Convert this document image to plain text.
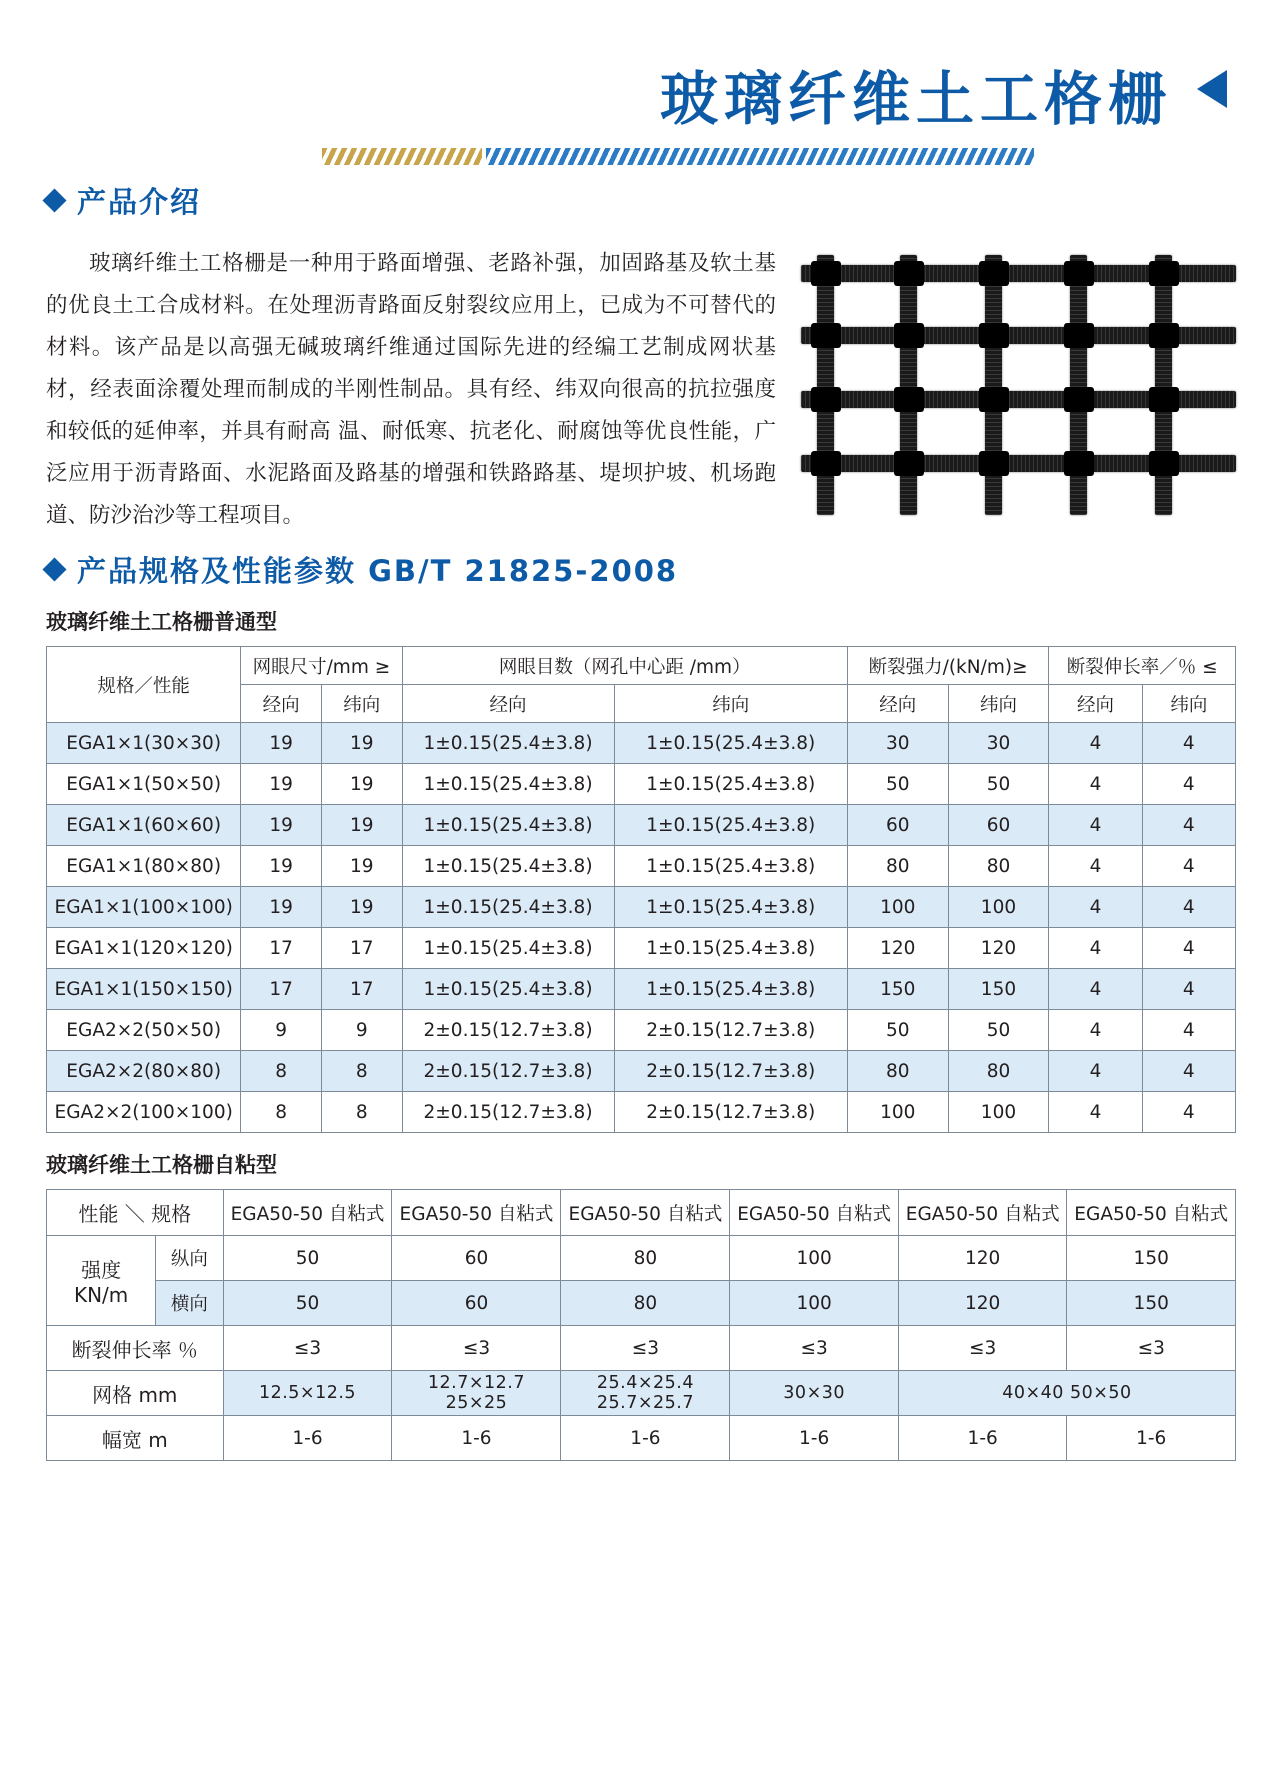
玻璃纤维土工格栅
产品介绍
玻璃纤维土工格栅是一种用于路面增强、老路补强，加固路基及软土基的优良土工合成材料。在处理沥青路面反射裂纹应用上，已成为不可替代的材料。该产品是以高强无碱玻璃纤维通过国际先进的经编工艺制成网状基材，经表面涂覆处理而制成的半刚性制品。具有经、纬双向很高的抗拉强度和较低的延伸率，并具有耐高 温、耐低寒、抗老化、耐腐蚀等优良性能，广泛应用于沥青路面、水泥路面及路基的增强和铁路路基、堤坝护坡、机场跑道、防沙治沙等工程项目。
产品规格及性能参数 GB/T 21825-2008
玻璃纤维土工格栅普通型
规格／性能	网眼尺寸/mm ≥		网眼目数（网孔中心距 /mm）		断裂强力/(kN/m)≥		断裂伸长率／％ ≤	
	经向	纬向	经向	纬向	经向	纬向	经向	纬向
EGA1×1(30×30)	19	19	1±0.15(25.4±3.8)	1±0.15(25.4±3.8)	30	30	4	4
EGA1×1(50×50)	19	19	1±0.15(25.4±3.8)	1±0.15(25.4±3.8)	50	50	4	4
EGA1×1(60×60)	19	19	1±0.15(25.4±3.8)	1±0.15(25.4±3.8)	60	60	4	4
EGA1×1(80×80)	19	19	1±0.15(25.4±3.8)	1±0.15(25.4±3.8)	80	80	4	4
EGA1×1(100×100)	19	19	1±0.15(25.4±3.8)	1±0.15(25.4±3.8)	100	100	4	4
EGA1×1(120×120)	17	17	1±0.15(25.4±3.8)	1±0.15(25.4±3.8)	120	120	4	4
EGA1×1(150×150)	17	17	1±0.15(25.4±3.8)	1±0.15(25.4±3.8)	150	150	4	4
EGA2×2(50×50)	9	9	2±0.15(12.7±3.8)	2±0.15(12.7±3.8)	50	50	4	4
EGA2×2(80×80)	8	8	2±0.15(12.7±3.8)	2±0.15(12.7±3.8)	80	80	4	4
EGA2×2(100×100)	8	8	2±0.15(12.7±3.8)	2±0.15(12.7±3.8)	100	100	4	4
玻璃纤维土工格栅自粘型
性能 ＼ 规格		EGA50-50 自粘式	EGA50-50 自粘式	EGA50-50 自粘式	EGA50-50 自粘式	EGA50-50 自粘式	EGA50-50 自粘式

强度
KN/m	纵向	50	60	80	100	120	150
	横向	50	60	80	100	120	150
断裂伸长率 ％		≤3	≤3	≤3	≤3	≤3	≤3
网格 mm		12.5×12.5	12.7×12.7 25×25	25.4×25.4 25.7×25.7	30×30	40×40 50×50	
幅宽 m		1-6	1-6	1-6	1-6	1-6	1-6
